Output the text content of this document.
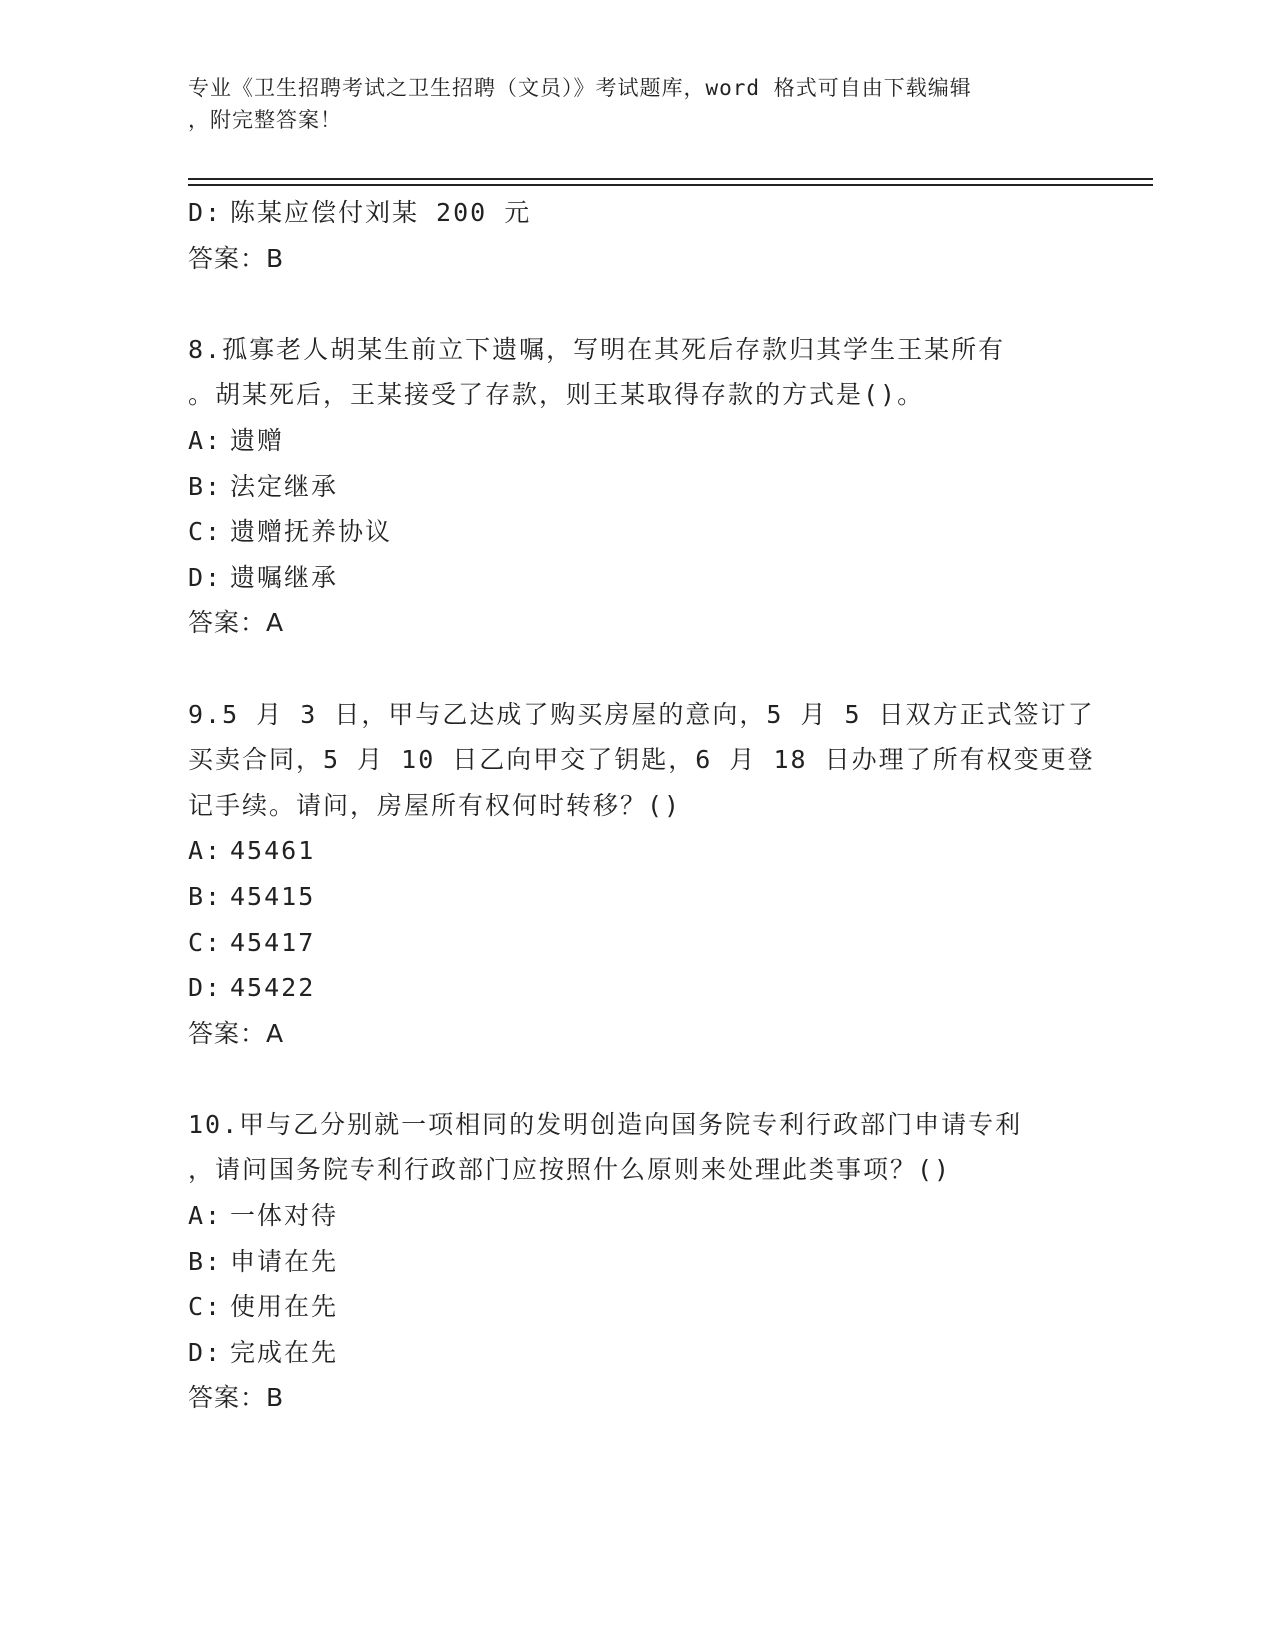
专业《卫生招聘考试之卫生招聘（文员）》考试题库，word 格式可自由下载编辑
，附完整答案！
D: 陈某应偿付刘某 200 元
答案：B
8.孤寡老人胡某生前立下遗嘱，写明在其死后存款归其学生王某所有
。胡某死后，王某接受了存款，则王某取得存款的方式是()。
A: 遗赠
B: 法定继承
C: 遗赠抚养协议
D: 遗嘱继承
答案：A
9.5 月 3 日，甲与乙达成了购买房屋的意向，5 月 5 日双方正式签订了
买卖合同，5 月 10 日乙向甲交了钥匙，6 月 18 日办理了所有权变更登
记手续。请问，房屋所有权何时转移？()
A: 45461
B: 45415
C: 45417
D: 45422
答案：A
10.甲与乙分别就一项相同的发明创造向国务院专利行政部门申请专利
，请问国务院专利行政部门应按照什么原则来处理此类事项？()
A: 一体对待
B: 申请在先
C: 使用在先
D: 完成在先
答案：B
